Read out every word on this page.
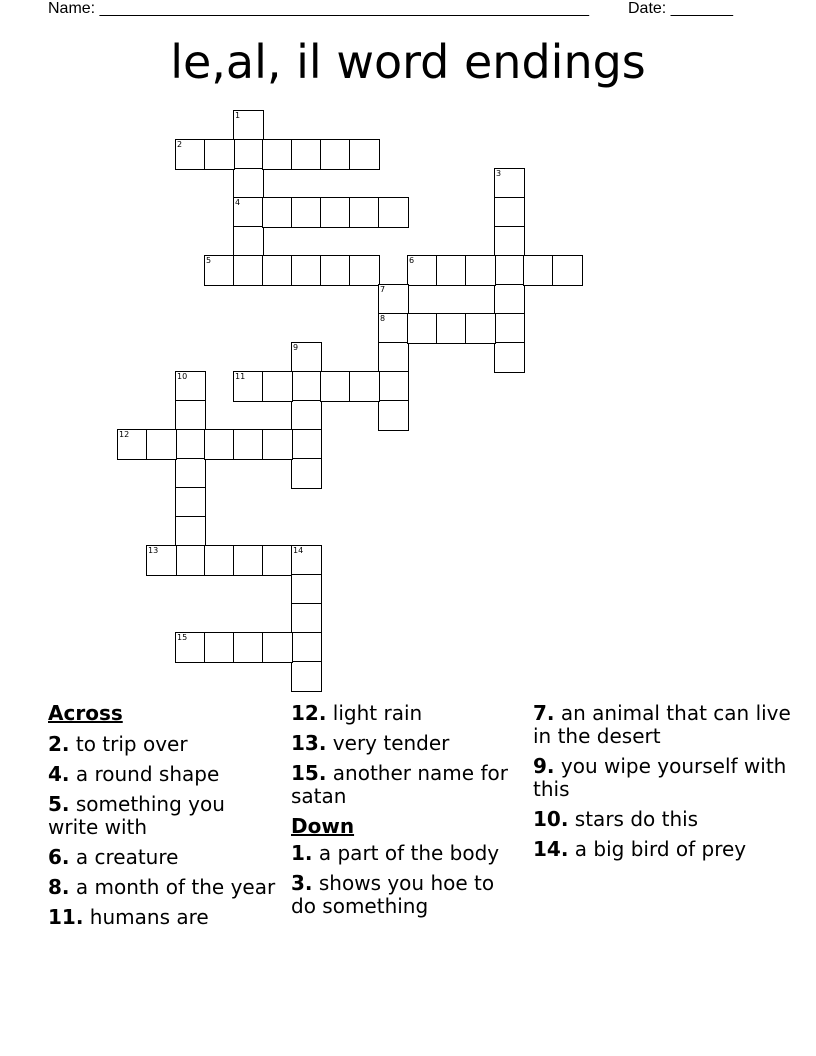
Name: _______________________________________________________ Date: _______
le,al, il word endings
1
4
2
3
5	6
7
8
9
10	11
12
13	14
15
Across
2. to trip over
4. a round shape
5. something you write with
6. a creature
8. a month of the year
11. humans are
12. light rain
13. very tender
15. another name for satan
Down
1. a part of the body
3. shows you hoe to do something
7. an animal that can live in the desert
9. you wipe yourself with this
10. stars do this
14. a big bird of prey
